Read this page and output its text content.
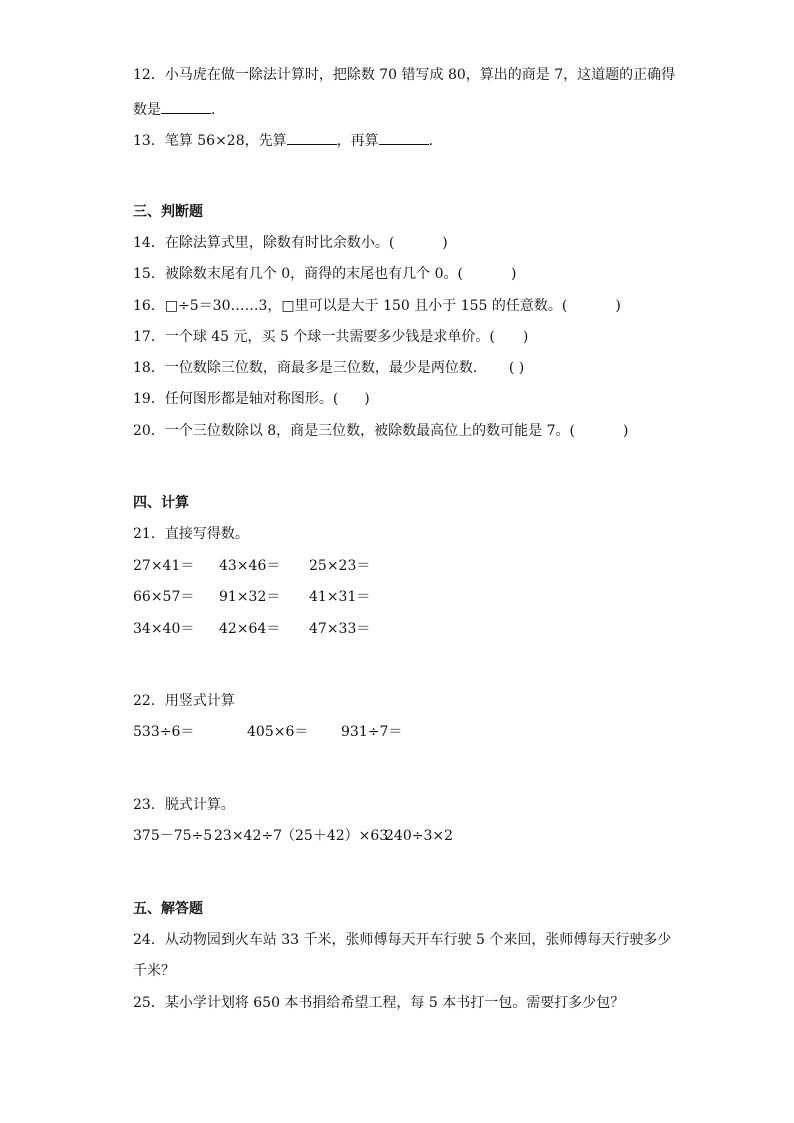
12．小马虎在做一除法计算时，把除数 70 错写成 80，算出的商是 7，这道题的正确得
数是	．
13．笔算 56×28，先算	，再算	．
三、判断题
14．在除法算式里，除数有时比余数小。(	)
15．被除数末尾有几个 0，商得的末尾也有几个 0。(	)
16．□÷5＝30……3，□里可以是大于 150 且小于 155 的任意数。(	)
17．一个球 45 元，买 5 个球一共需要多少钱是求单价。( )
18．一位数除三位数，商最多是三位数，最少是两位数． ( )
19．任何图形都是轴对称图形。( )
20．一个三位数除以 8，商是三位数，被除数最高位上的数可能是 7。(	)
四、计算
21．直接写得数。
27×41＝ 43×46＝ 25×23＝
66×57＝ 91×32＝ 41×31＝
34×40＝ 42×64＝ 47×33＝
22．用竖式计算
533÷6＝	405×6＝ 931÷7＝
23．脱式计算。
375－75÷5 23×42÷7 （25＋42）×63
240÷3×2
五、解答题
24．从动物园到火车站 33 千米，张师傅每天开车行驶 5 个来回，张师傅每天行驶多少
千米？
25．某小学计划将 650 本书捐给希望工程，每 5 本书打一包。需要打多少包？
